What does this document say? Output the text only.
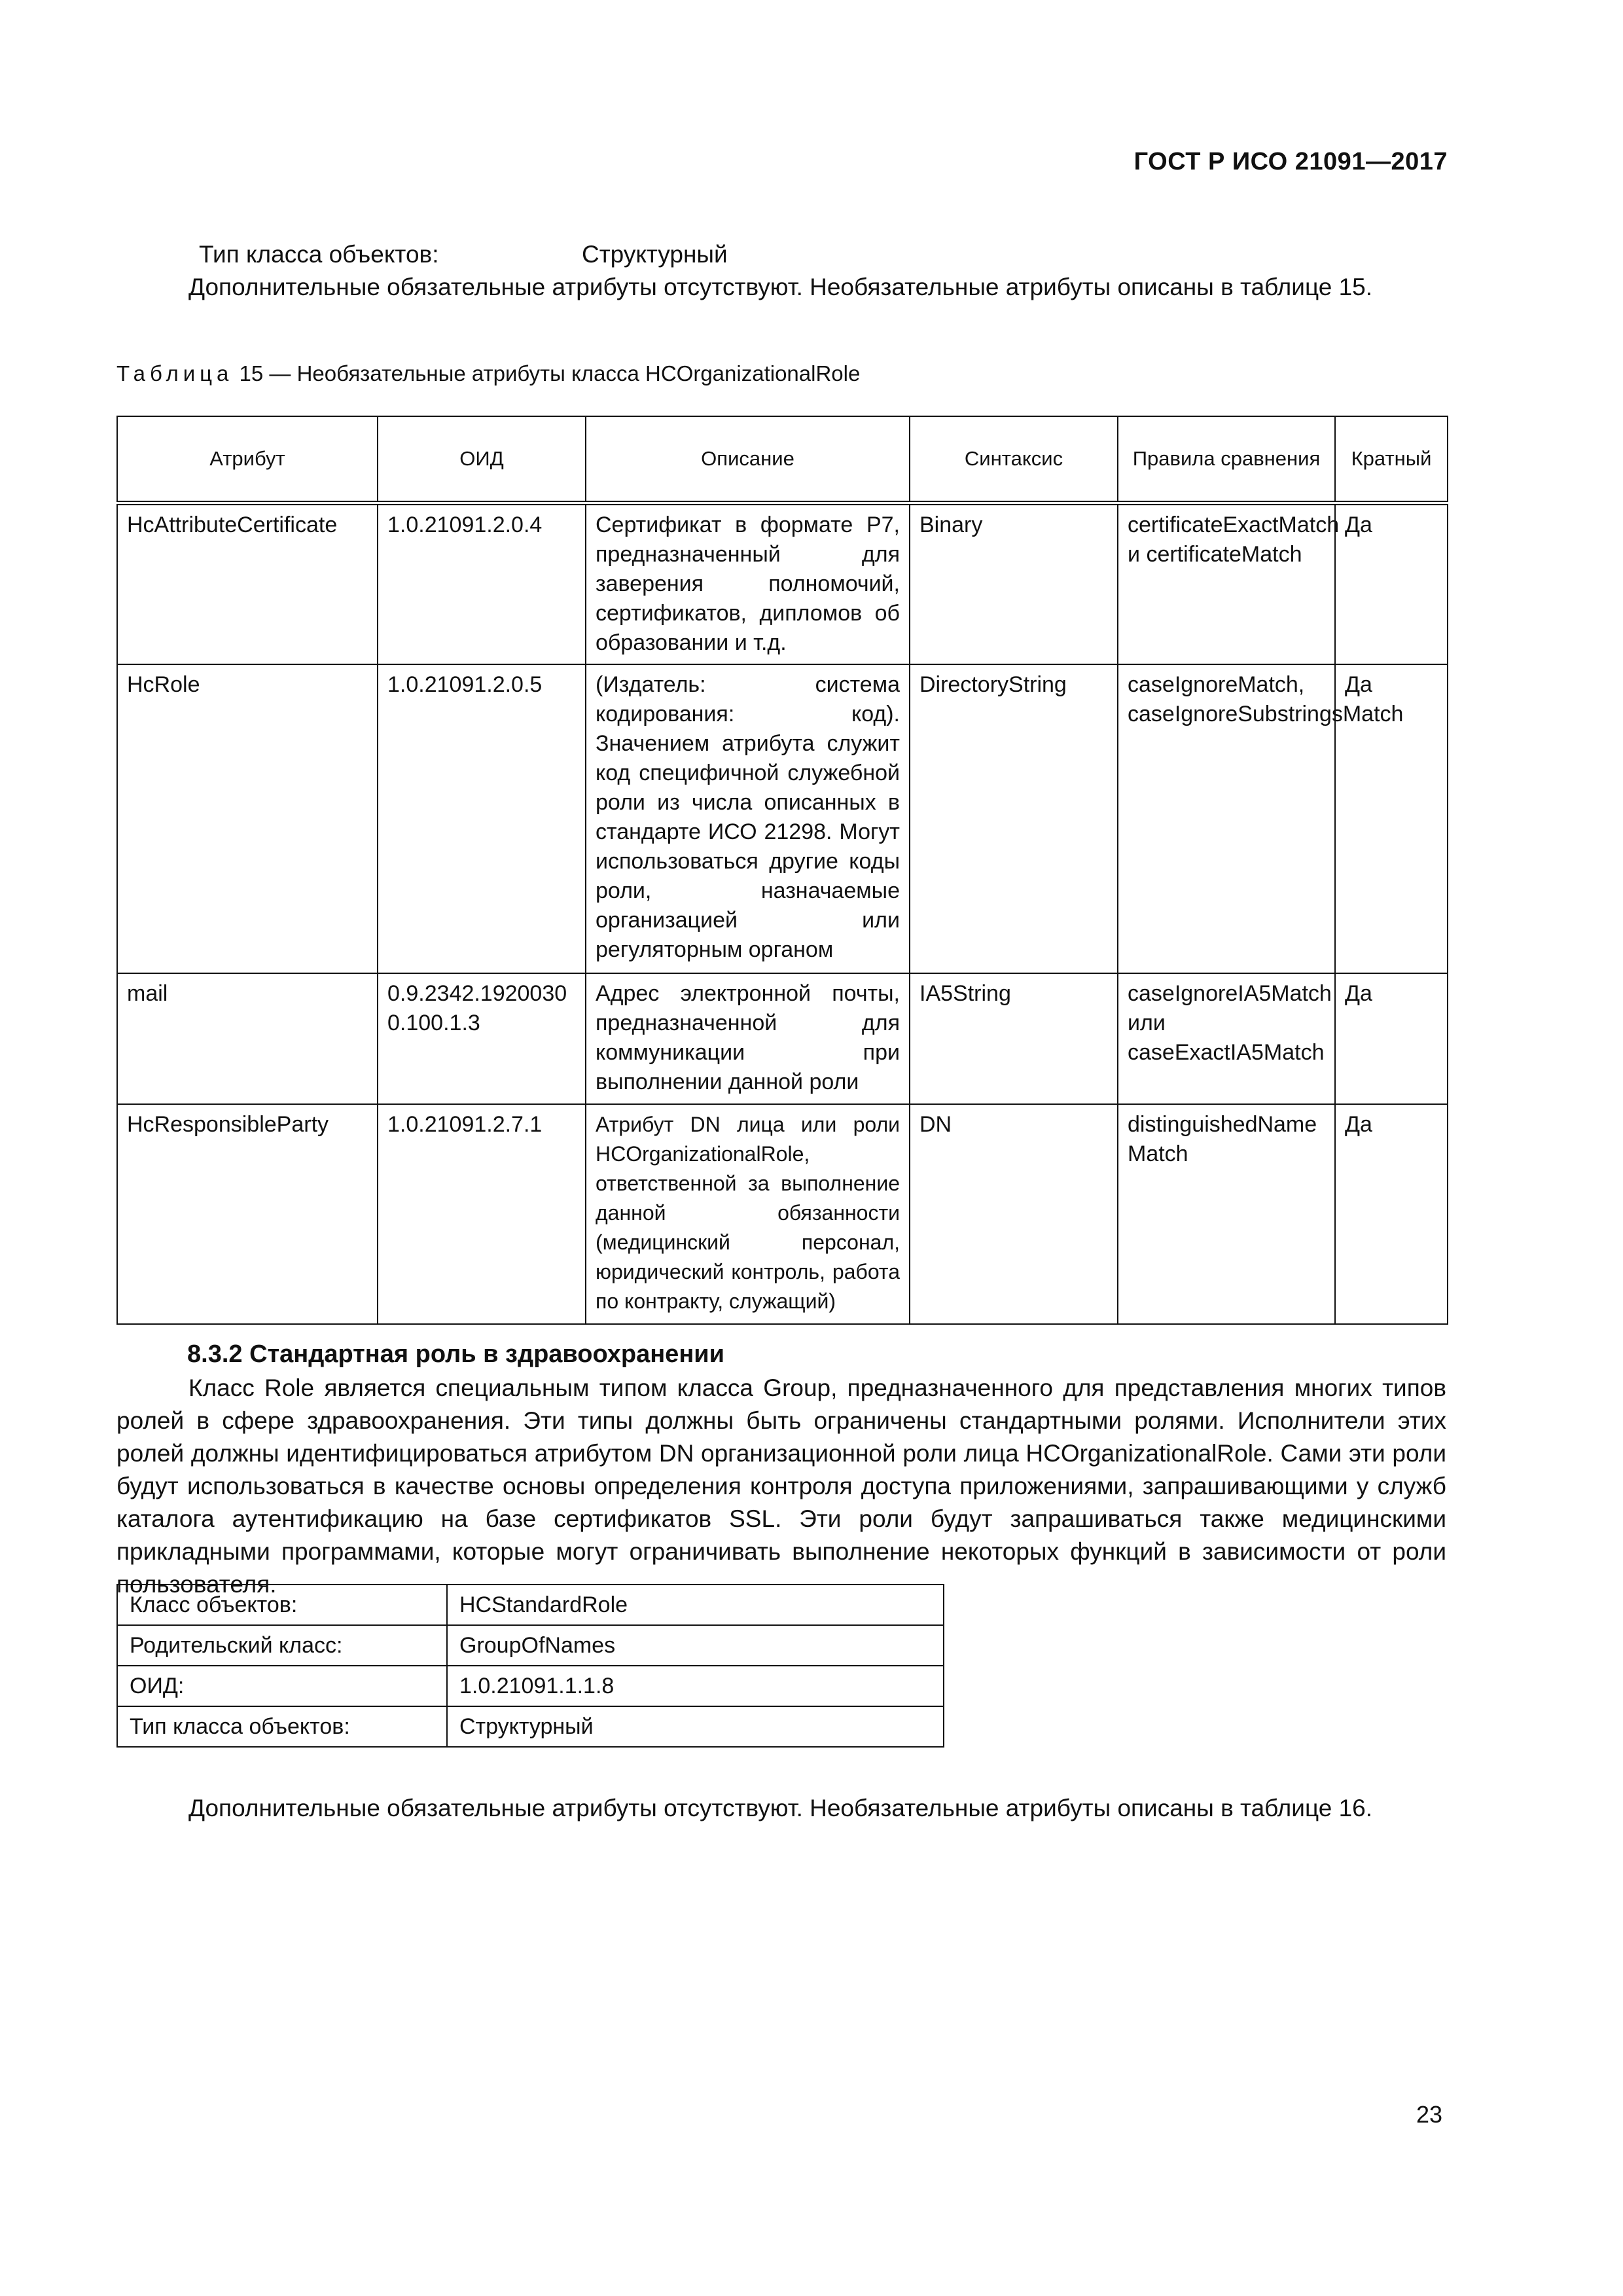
ГОСТ Р ИСО 21091—2017
Тип класса объектов:	Структурный
Дополнительные обязательные атрибуты отсутствуют. Необязательные атрибуты описаны в таблице 15.
Таблица 15 — Необязательные атрибуты класса HCOrganizationalRole
Атрибут	ОИД	Описание	Синтаксис	Правила сравнения	Кратный
HcAttributeCertificate	1.0.21091.2.0.4	Сертификат в формате P7, предназначенный для заверения полномочий, сертификатов, дипломов об образовании и т.д.	Binary	certificateExactMatch и certificateMatch	Да
HcRole	1.0.21091.2.0.5	(Издатель: система кодирования: код). Значением атрибута служит код специфичной служебной роли из числа описанных в стандарте ИСО 21298. Могут использоваться другие коды роли, назначаемые организацией или регуляторным органом	DirectoryString	caseIgnoreMatch, caseIgnoreSubstringsMatch	Да
mail	0.9.2342.19200300.100.1.3	Адрес электронной почты, предназначенной для коммуникации при выполнении данной роли	IA5String	caseIgnoreIA5Match или caseExactIA5Match	Да
HcResponsibleParty	1.0.21091.2.7.1	Атрибут DN лица или роли HCOrganizationalRole, ответственной за выполнение данной обязанности (медицинский персонал, юридический контроль, работа по контракту, служащий)	DN	distinguishedNameMatch	Да
8.3.2 Стандартная роль в здравоохранении
Класс Role является специальным типом класса Group, предназначенного для представления многих типов ролей в сфере здравоохранения. Эти типы должны быть ограничены стандартными ролями. Исполнители этих ролей должны идентифицироваться атрибутом DN организационной роли лица HCOrganizationalRole. Сами эти роли будут использоваться в качестве основы определения контроля доступа приложениями, запрашивающими у служб каталога аутентификацию на базе сертификатов SSL. Эти роли будут запрашиваться также медицинскими прикладными программами, которые могут ограничивать выполнение некоторых функций в зависимости от роли пользователя.
Класс объектов:	HCStandardRole
Родительский класс:	GroupOfNames
ОИД:	1.0.21091.1.1.8
Тип класса объектов:	Структурный
Дополнительные обязательные атрибуты отсутствуют. Необязательные атрибуты описаны в таблице 16.
23
